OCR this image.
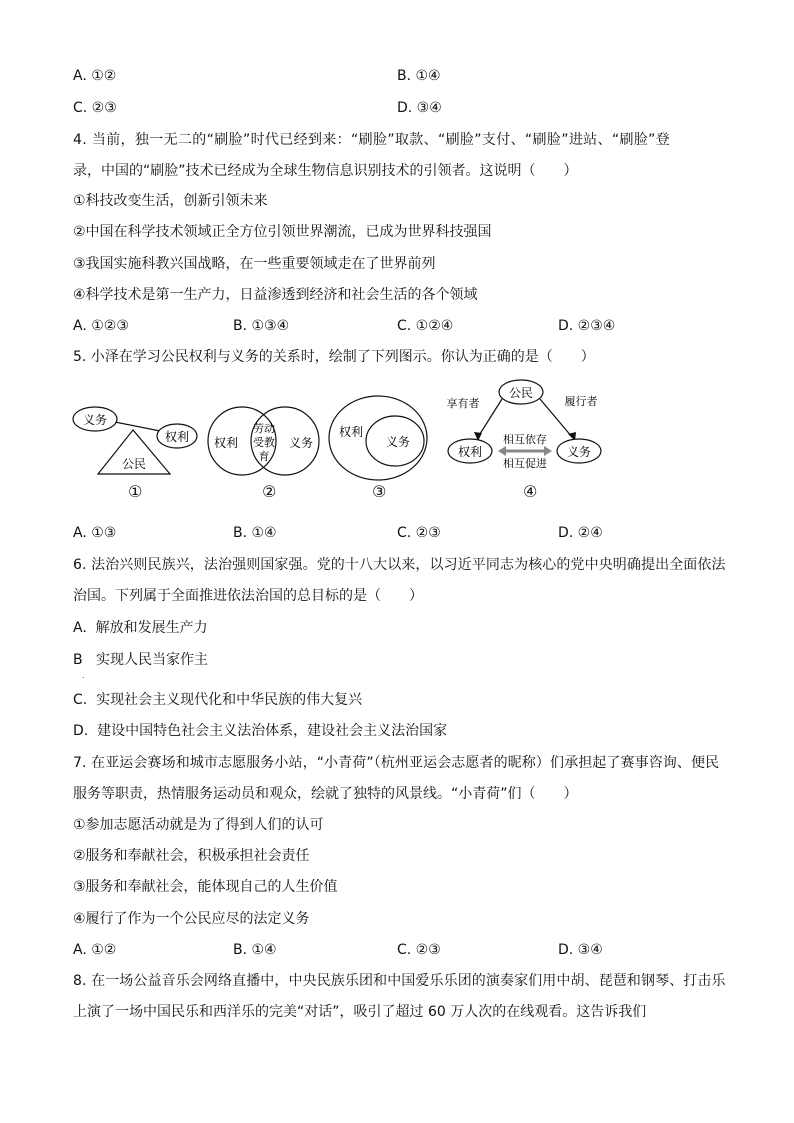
A. ①②	B. ①④
C. ②③	D. ③④
4. 当前，独一无二的“刷脸”时代已经到来：“刷脸”取款、“刷脸”支付、“刷脸”进站、“刷脸”登
录，中国的“刷脸”技术已经成为全球生物信息识别技术的引领者。这说明（　　）
①科技改变生活，创新引领未来
②中国在科学技术领域正全方位引领世界潮流，已成为世界科技强国
③我国实施科教兴国战略，在一些重要领域走在了世界前列
④科学技术是第一生产力，日益渗透到经济和社会生活的各个领域
A. ①②③	B. ①③④	C. ①②④	D. ②③④
5. 小泽在学习公民权利与义务的关系时，绘制了下列图示。你认为正确的是（　　）
义务
权利
公民
权利
劳动
受教
育
义务
权利
义务
公民
享有者	履行者
权利	义务
相互依存
相互促进
①	②	③	④
A. ①③	B. ①④	C. ②③	D. ②④
6. 法治兴则民族兴，法治强则国家强。党的十八大以来，以习近平同志为核心的党中央明确提出全面依法
治国。下列属于全面推进依法治国的总目标的是（　　）
A.  解放和发展生产力
B   实现人民当家作主
.
C.  实现社会主义现代化和中华民族的伟大复兴
D.  建设中国特色社会主义法治体系，建设社会主义法治国家
7. 在亚运会赛场和城市志愿服务小站，“小青荷”（杭州亚运会志愿者的昵称）们承担起了赛事咨询、便民
服务等职责，热情服务运动员和观众，绘就了独特的风景线。“小青荷”们（　　）
①参加志愿活动就是为了得到人们的认可
②服务和奉献社会，积极承担社会责任
③服务和奉献社会，能体现自己的人生价值
④履行了作为一个公民应尽的法定义务
A. ①②	B. ①④	C. ②③	D. ③④
8. 在一场公益音乐会网络直播中，中央民族乐团和中国爱乐乐团的演奏家们用中胡、琵琶和钢琴、打击乐
上演了一场中国民乐和西洋乐的完美“对话”，吸引了超过 60 万人次的在线观看。这告诉我们
